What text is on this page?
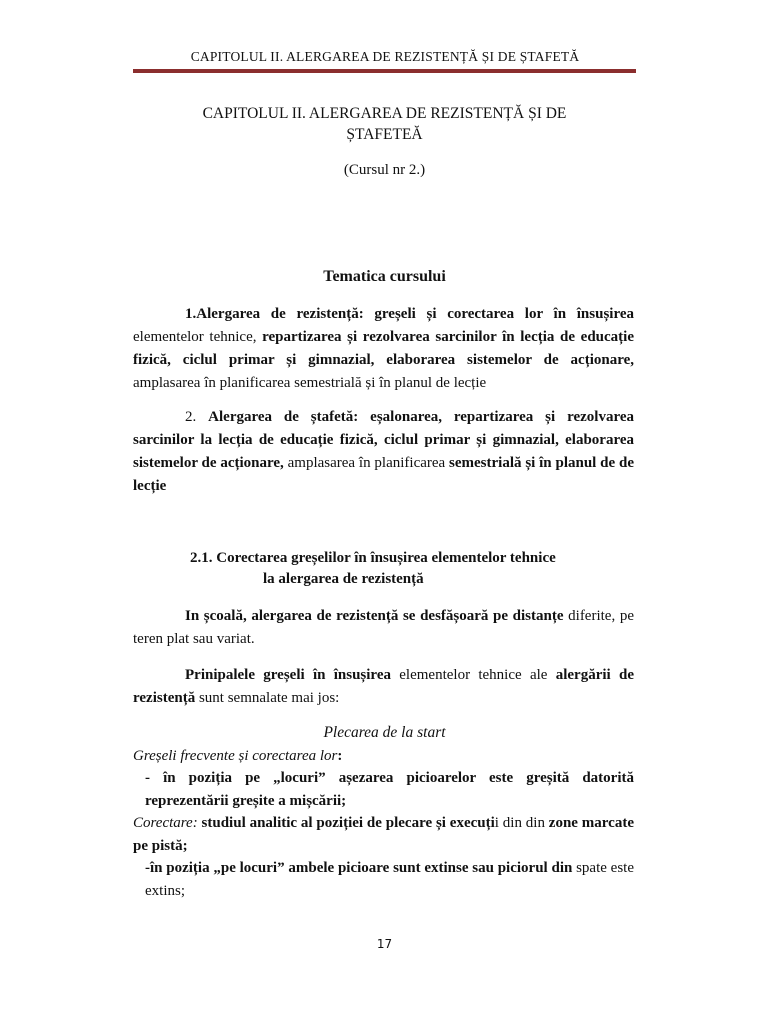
CAPITOLUL II. ALERGAREA DE REZISTENȚĂ ȘI DE ȘTAFETĂ
CAPITOLUL II. ALERGAREA DE REZISTENȚĂ ȘI DE
ȘTAFETEĂ
(Cursul nr 2.)
Tematica cursului

1.Alergarea de rezistență: greșeli și corectarea lor în însușirea elementelor tehnice, repartizarea și rezolvarea sarcinilor în lecția de educație fizică, ciclul primar și gimnazial, elaborarea sistemelor de acționare, amplasarea în planificarea semestrială și în planul de lecție

2. Alergarea de ștafetă: eșalonarea, repartizarea și rezolvarea sarcinilor la lecția de educație fizică, ciclul primar și gimnazial, elaborarea sistemelor de acționare, amplasarea în planificarea semestrială și în planul de de lecție

2.1. Corectarea greșelilor în însușirea elementelor tehnice
la alergarea de rezistență

In școală, alergarea de rezistență se desfășoară pe distanțe diferite, pe teren plat sau variat.

Prinipalele greșeli în însușirea elementelor tehnice ale alergării de rezistență sunt semnalate mai jos:

Plecarea de la start

Greșeli frecvente și corectarea lor:

- în poziția pe „locuri” așezarea picioarelor este greșită datorită reprezentării greșite a mișcării;

Corectare: studiul analitic al poziției de plecare și execuții din din zone marcate pe pistă;

-în poziția „pe locuri” ambele picioare sunt extinse sau piciorul din spate este extins;

17
